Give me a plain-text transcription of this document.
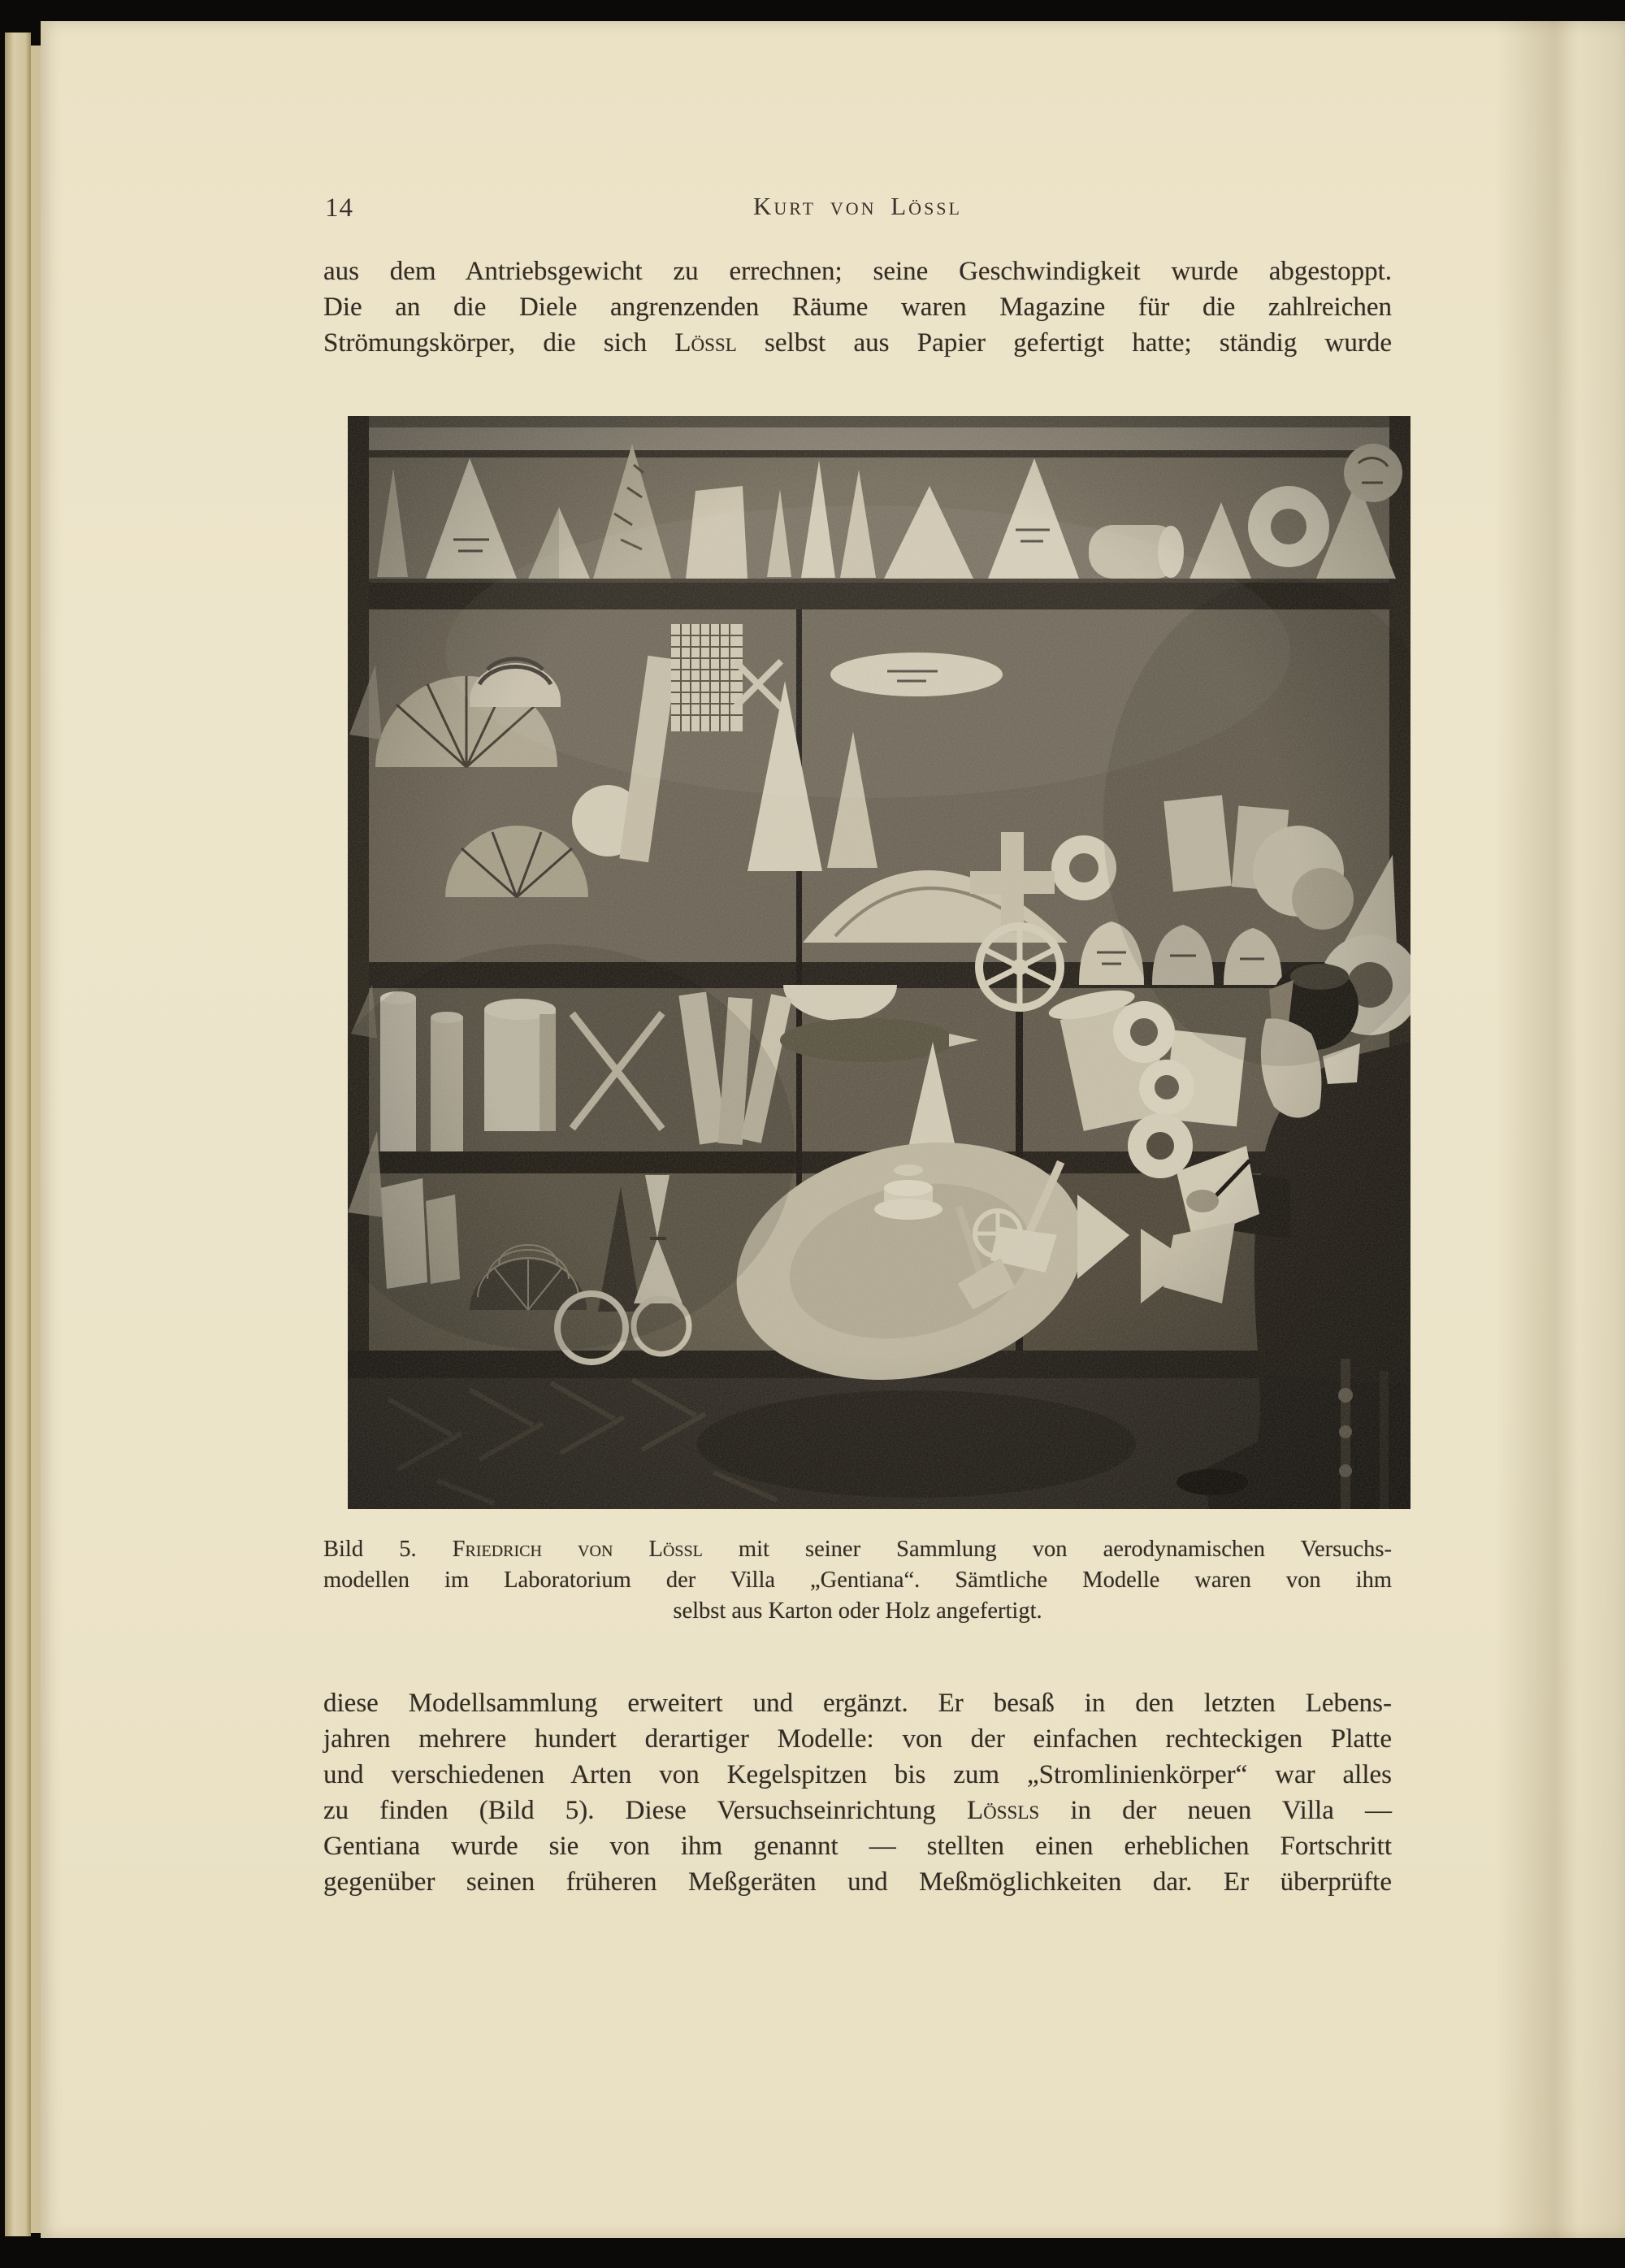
14	Kurt von Lössl
aus dem Antriebsgewicht zu errechnen; seine Geschwindigkeit wurde abgestoppt.
Die an die Diele angrenzenden Räume waren Magazine für die zahlreichen
Strömungskörper, die sich Lössl selbst aus Papier gefertigt hatte; ständig wurde
Bild 5. Friedrich von Lössl mit seiner Sammlung von aerodynamischen Versuchs-
modellen im Laboratorium der Villa „Gentiana“. Sämtliche Modelle waren von ihm
selbst aus Karton oder Holz angefertigt.
diese Modellsammlung erweitert und ergänzt. Er besaß in den letzten Lebens-
jahren mehrere hundert derartiger Modelle: von der einfachen rechteckigen Platte
und verschiedenen Arten von Kegelspitzen bis zum „Stromlinienkörper“ war alles
zu finden (Bild 5). Diese Versuchseinrichtung Lössls in der neuen Villa —
Gentiana wurde sie von ihm genannt — stellten einen erheblichen Fortschritt
gegenüber seinen früheren Meßgeräten und Meßmöglichkeiten dar. Er überprüfte
